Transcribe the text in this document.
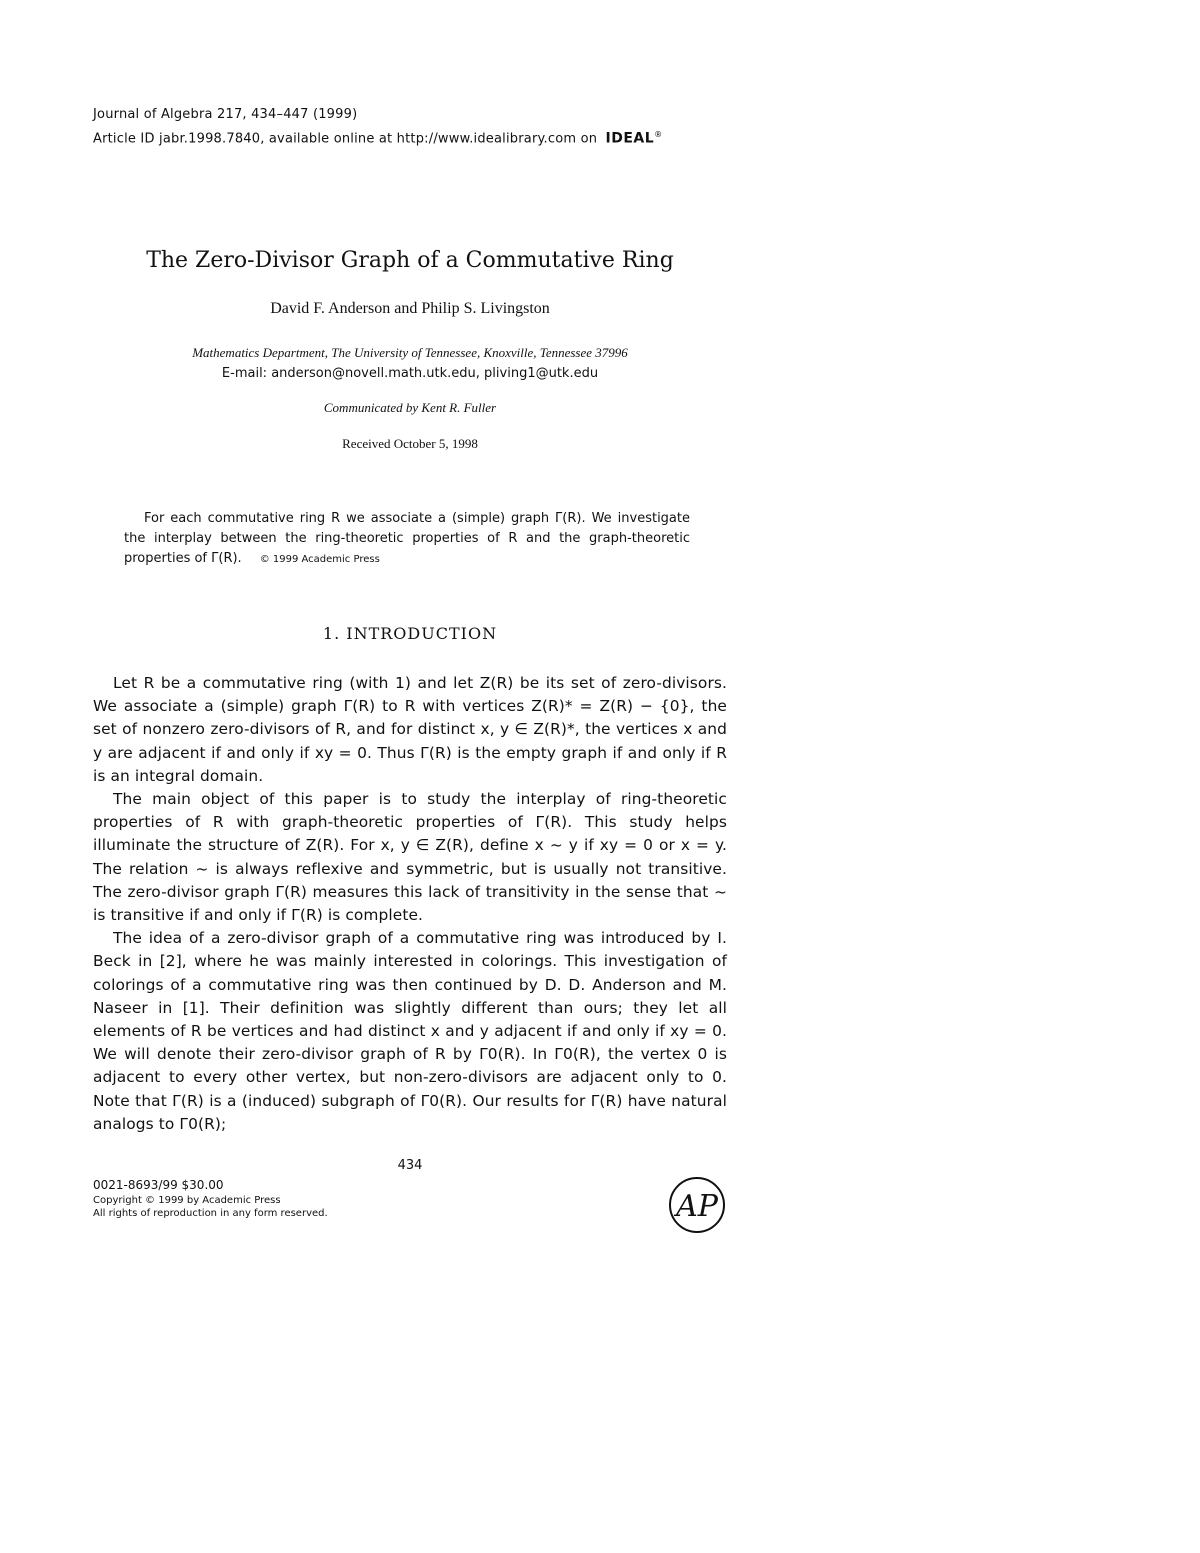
Journal of Algebra 217, 434–447 (1999)
Article ID jabr.1998.7840, available online at http://www.idealibrary.com on IDEAL®
The Zero-Divisor Graph of a Commutative Ring
David F. Anderson and Philip S. Livingston
Mathematics Department, The University of Tennessee, Knoxville, Tennessee 37996
E-mail: anderson@novell.math.utk.edu, pliving1@utk.edu
Communicated by Kent R. Fuller
Received October 5, 1998

For each commutative ring R we associate a (simple) graph Γ(R). We investigate the interplay between the ring-theoretic properties of R and the graph-theoretic properties of Γ(R). © 1999 Academic Press

1. INTRODUCTION

Let R be a commutative ring (with 1) and let Z(R) be its set of zero-divisors. We associate a (simple) graph Γ(R) to R with vertices Z(R)* = Z(R) − {0}, the set of nonzero zero-divisors of R, and for distinct x, y ∈ Z(R)*, the vertices x and y are adjacent if and only if xy = 0. Thus Γ(R) is the empty graph if and only if R is an integral domain.

The main object of this paper is to study the interplay of ring-theoretic properties of R with graph-theoretic properties of Γ(R). This study helps illuminate the structure of Z(R). For x, y ∈ Z(R), define x ~ y if xy = 0 or x = y. The relation ~ is always reflexive and symmetric, but is usually not transitive. The zero-divisor graph Γ(R) measures this lack of transitivity in the sense that ~ is transitive if and only if Γ(R) is complete.

The idea of a zero-divisor graph of a commutative ring was introduced by I. Beck in [2], where he was mainly interested in colorings. This investigation of colorings of a commutative ring was then continued by D. D. Anderson and M. Naseer in [1]. Their definition was slightly different than ours; they let all elements of R be vertices and had distinct x and y adjacent if and only if xy = 0. We will denote their zero-divisor graph of R by Γ0(R). In Γ0(R), the vertex 0 is adjacent to every other vertex, but non-zero-divisors are adjacent only to 0. Note that Γ(R) is a (induced) subgraph of Γ0(R). Our results for Γ(R) have natural analogs to Γ0(R);

434
0021-8693/99 $30.00
Copyright © 1999 by Academic Press
All rights of reproduction in any form reserved.	AP
